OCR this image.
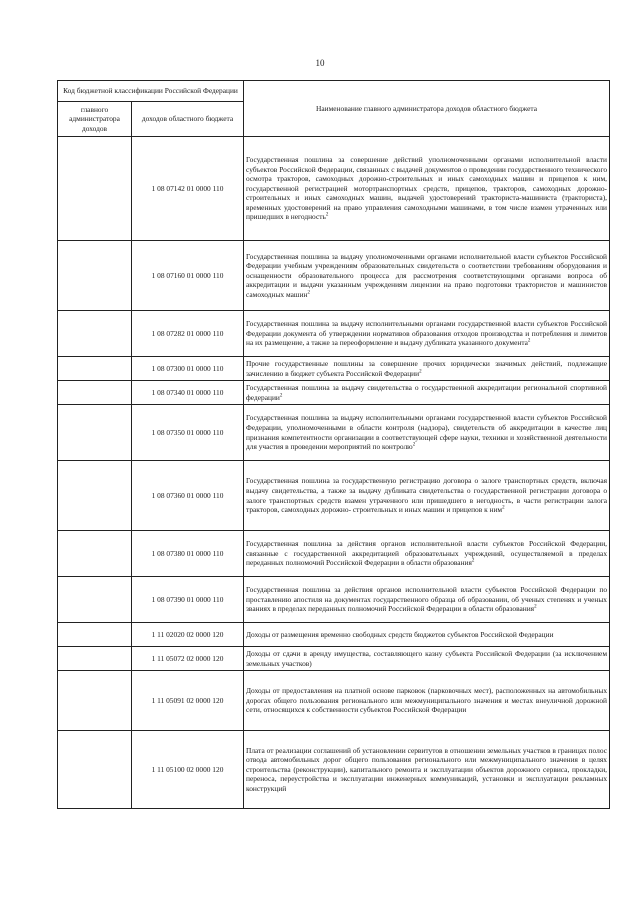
10
Код бюджетной классификации Российской Федерации		Наименование главного администратора доходов областного бюджета
главного администратора доходов	доходов областного бюджета	
	1 08 07142 01 0000 110	Государственная пошлина за совершение действий уполномоченными органами исполнительной власти субъектов Российской Федерации, связанных с выдачей документов о проведении государственного технического осмотра тракторов, самоходных дорожно-строительных и иных самоходных машин и прицепов к ним, государственной регистрацией мотортранспортных средств, прицепов, тракторов, самоходных дорожно-строительных и иных самоходных машин, выдачей удостоверений тракториста-машиниста (тракториста), временных удостоверений на право управления самоходными машинами, в том числе взамен утраченных или пришедших в негодность$^2$
	1 08 07160 01 0000 110	Государственная пошлина за выдачу уполномоченными органами исполнительной власти субъектов Российской Федерации учебным учреждениям образовательных свидетельств о соответствии требованиям оборудования и оснащенности образовательного процесса для рассмотрения соответствующими органами вопроса об аккредитации и выдачи указанным учреждениям лицензии на право подготовки трактористов и машинистов самоходных машин$^2$
	1 08 07282 01 0000 110	Государственная пошлина за выдачу исполнительными органами государственной власти субъектов Российской Федерации документа об утверждении нормативов образования отходов производства и потребления и лимитов на их размещение, а также за переоформление и выдачу дубликата указанного документа$^2$
	1 08 07300 01 0000 110	Прочие государственные пошлины за совершение прочих юридически значимых действий, подлежащие зачислению в бюджет субъекта Российской Федерации$^2$
	1 08 07340 01 0000 110	Государственная пошлина за выдачу свидетельства о государственной аккредитации региональной спортивной федерации$^2$
	1 08 07350 01 0000 110	Государственная пошлина за выдачу исполнительными органами государственной власти субъектов Российской Федерации, уполномоченными в области контроля (надзора), свидетельств об аккредитации в качестве лиц признания компетентности организации в соответствующей сфере науки, техники и хозяйственной деятельности для участия в проведении мероприятий по контролю$^2$
	1 08 07360 01 0000 110	Государственная пошлина за государственную регистрацию договора о залоге транспортных средств, включая выдачу свидетельства, а также за выдачу дубликата свидетельства о государственной регистрации договора о залоге транспортных средств взамен утраченного или пришедшего в негодность, в части регистрации залога тракторов, самоходных дорожно- строительных и иных машин и прицепов к ним$^2$
	1 08 07380 01 0000 110	Государственная пошлина за действия органов исполнительной власти субъектов Российской Федерации, связанные с государственной аккредитацией образовательных учреждений, осуществляемой в пределах переданных полномочий Российской Федерации в области образования$^2$
	1 08 07390 01 0000 110	Государственная пошлина за действия органов исполнительной власти субъектов Российской Федерации по проставлению апостиля на документах государственного образца об образовании, об ученых степенях и ученых званиях в пределах переданных полномочий Российской Федерации в области образования$^2$
	1 11 02020 02 0000 120	Доходы от размещения временно свободных средств бюджетов субъектов Российской Федерации
	1 11 05072 02 0000 120	Доходы от сдачи в аренду имущества, составляющего казну субъекта Российской Федерации (за исключением земельных участков)
	1 11 05091 02 0000 120	Доходы от предоставления на платной основе парковок (парковочных мест), расположенных на автомобильных дорогах общего пользования регионального или межмуниципального значения и местах внеуличной дорожной сети, относящихся к собственности субъектов Российской Федерации
	1 11 05100 02 0000 120	Плата от реализации соглашений об установлении сервитутов в отношении земельных участков в границах полос отвода автомобильных дорог общего пользования регионального или межмуниципального значения в целях строительства (реконструкции), капитального ремонта и эксплуатации объектов дорожного сервиса, прокладки, переноса, переустройства и эксплуатации инженерных коммуникаций, установки и эксплуатации рекламных конструкций
